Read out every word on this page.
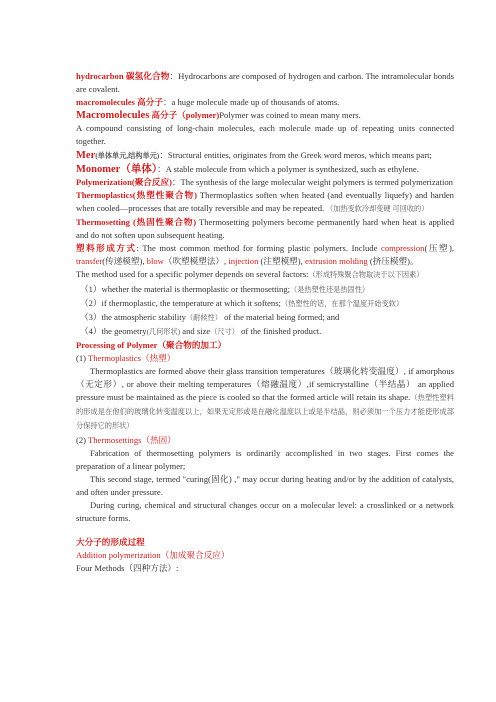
hydrocarbon 碳氢化合物：Hydrocarbons are composed of hydrogen and carbon. The intramolecular bonds are covalent.

macromolecules 高分子：a huge molecule made up of thousands of atoms.

Macromolecules 高分子（polymer)Polymer was coined to mean many mers.

A compound consisting of long-chain molecules, each molecule made up of repeating units connected together.

Mer(单体单元,结构单元)：Structural entities, originates from the Greek word meros, which means part;

Monomer（单体）：A stable molecule from which a polymer is synthesized, such as ethylene.

Polymerization(聚合反应)：The synthesis of the large molecular weight polymers is termed polymerization

Thermoplastics(热塑性聚合物) Thermoplastics soften when heated (and eventually liquefy) and harden when cooled—processes that are totally reversible and may be repeated. （加热变软冷却变硬 可回收的）

Thermosetting (热固性聚合物) Thermosetting polymers become permanently hard when heat is applied and do not soften upon subsequent heating.

塑料形成方式: The most common method for forming plastic polymers. Include compression(压塑), transfer(传递模塑), blow（吹塑模塑法）, injection (注塑模塑), extrusion molding (挤压模塑)。

The method used for a specific polymer depends on several factors:（形成特殊聚合物取决于以下因素）

（1）whether the material is thermoplastic or thermosetting;（是热塑性还是热固性）

（2）if thermoplastic, the temperature at which it softens;（热塑性的话，在那个温度开始变软）

（3）the atmospheric stability（耐候性） of the material being formed; and

（4）the geometry(几何形状) and size（尺寸） of the finished product.

Processing of Polymer（聚合物的加工）

(1) Thermoplastics（热塑）

Thermoplastics are formed above their glass transition temperatures（玻璃化转变温度）, if amorphous（无定形）, or above their melting temperatures（熔融温度）,if semicrystalline（半结晶） an applied pressure must be maintained as the piece is cooled so that the formed article will retain its shape.（热塑性塑料的形成是在他们的玻璃化转变温度以上，如果无定形或是在融化温度以上或是半结晶，则必须加一个压力才能使形成部分保持它的形状）

(2) Thermosettings（热固）

Fabrication of thermosetting polymers is ordinarily accomplished in two stages. First comes the preparation of a linear polymer;

This second stage, termed "curing(固化) ," may occur during heating and/or by the addition of catalysts, and often under pressure.

During curing, chemical and structural changes occur on a molecular level: a crosslinked or a network structure forms.

大分子的形成过程

Addition polymerization（加成聚合反应）

Four Methods（四种方法）:
